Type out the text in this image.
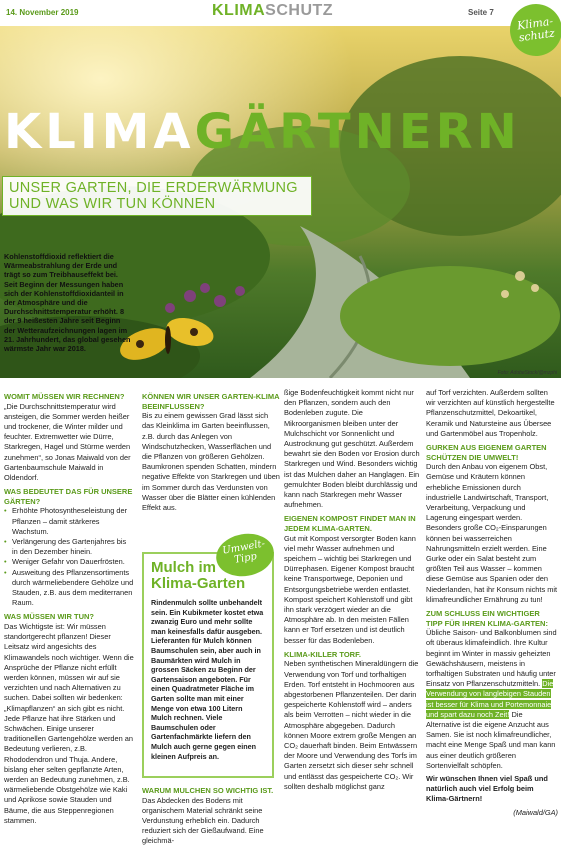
14. November 2019	KLIMASCHUTZ	Seite 7
KLIMAGÄRTNERN
UNSER GARTEN, DIE ERDERWÄRMUNG UND WAS WIR TUN KÖNNEN
Foto: AdobeStock/@mzphi
Klima-schutz
Kohlenstoffdioxid reflektiert die Wärmeabstrahlung der Erde und trägt so zum Treibhauseffekt bei. Seit Beginn der Messungen haben sich der Kohlenstoffdioxidanteil in der Atmosphäre und die Durchschnittstemperatur erhöht. 8 der 9 heißesten Jahre seit Beginn der Wetteraufzeichnungen lagen im 21. Jahrhundert, das global gesehen wärmste Jahr war 2018.
WOMIT MÜSSEN WIR RECHNEN?
„Die Durchschnittstemperatur wird ansteigen, die Sommer werden heißer und trockener, die Winter milder und feuchter. Extremwetter wie Dürre, Starkregen, Hagel und Stürme werden zunehmen“, so Jonas Maiwald von der Gartenbaumschule Maiwald in Oldendorf.
WAS BEDEUTET DAS FÜR UNSERE GÄRTEN?
• Erhöhte Photosyntheseleistung der Pflanzen – damit stärkeres Wachstum.
• Verlängerung des Gartenjahres bis in den Dezember hinein.
• Weniger Gefahr von Dauerfrösten.
• Ausweitung des Pflanzensortiments durch wärmeliebendere Gehölze und Stauden, z.B. aus dem mediterranen Raum.
WAS MÜSSEN WIR TUN?
Das Wichtigste ist: Wir müssen standortgerecht pflanzen! Dieser Leitsatz wird angesichts des Klimawandels noch wichtiger. Wenn die Ansprüche der Pflanze nicht erfüllt werden können, müssen wir auf sie verzichten und nach Alternativen zu suchen. Dabei sollten wir bedenken: „Klimapflanzen“ an sich gibt es nicht. Jede Pflanze hat ihre Stärken und Schwächen. Einige unserer traditionellen Gartengehölze werden an Bedeutung verlieren, z.B. Rhododendron und Thuja. Andere, bislang eher selten gepflanzte Arten, werden an Bedeutung zunehmen, z.B. wärmeliebende Obstgehölze wie Kaki und Aprikose sowie Stauden und Bäume, die aus Steppenregionen stammen.
KÖNNEN WIR UNSER GARTEN-KLIMA BEEINFLUSSEN?
Bis zu einem gewissen Grad lässt sich das Kleinklima im Garten beeinflussen, z.B. durch das Anlegen von Windschutzhecken, Wasserflächen und die Pflanzen von größeren Gehölzen. Baumkronen spenden Schatten, mindern negative Effekte von Starkregen und üben im Sommer durch das Verdunsten von Wasser über die Blätter einen kühlenden Effekt aus.
Mulch im Klima-Garten
Rindenmulch sollte unbehandelt sein. Ein Kubikmeter kostet etwa zwanzig Euro und mehr sollte man keinesfalls dafür ausgeben. Lieferanten für Mulch können Baumschulen sein, aber auch in Baumärkten wird Mulch in grossen Säcken zu Beginn der Gartensaison angeboten. Für einen Quadratmeter Fläche im Garten sollte man mit einer Menge von etwa 100 Litern Mulch rechnen. Viele Baumschulen oder Gartenfachmärkte liefern den Mulch auch gerne gegen einen kleinen Aufpreis an.
Umwelt-Tipp
WARUM MULCHEN SO WICHTIG IST.
Das Abdecken des Bodens mit organischem Material schränkt seine Verdunstung erheblich ein. Dadurch reduziert sich der Gießaufwand. Eine gleichmä-
ßige Bodenfeuchtigkeit kommt nicht nur den Pflanzen, sondern auch den Bodenleben zugute. Die Mikroorganismen bleiben unter der Mulchschicht vor Sonnenlicht und Austrocknung gut geschützt. Außerdem bewahrt sie den Boden vor Erosion durch Starkregen und Wind. Besonders wichtig ist das Mulchen daher an Hanglagen. Ein gemulchter Boden bleibt durchlässig und kann nach Starkregen mehr Wasser aufnehmen.
EIGENEN KOMPOST FINDET MAN IN JEDEM KLIMA-GARTEN.
Gut mit Kompost versorgter Boden kann viel mehr Wasser aufnehmen und speichern – wichtig bei Starkregen und Dürrephasen. Eigener Kompost braucht keine Transportwege, Deponien und Entsorgungsbetriebe werden entlastet. Kompost speichert Kohlenstoff und gibt ihn stark verzögert wieder an die Atmosphäre ab. In den meisten Fällen kann er Torf ersetzen und ist deutlich besser für das Bodenleben.
KLIMA-KILLER TORF.
Neben synthetischen Mineraldüngern die Verwendung von Torf und torfhaltigen Erden. Torf entsteht in Hochmooren aus abgestorbenen Pflanzenteilen. Der darin gespeicherte Kohlenstoff wird – anders als beim Verrotten – nicht wieder in die Atmosphäre abgegeben. Dadurch können Moore extrem große Mengen an CO₂ dauerhaft binden. Beim Entwässern der Moore und Verwendung des Torfs im Garten zersetzt sich dieser sehr schnell und entlässt das gespeicherte CO₂. Wir sollten deshalb möglichst ganz
auf Torf verzichten. Außerdem sollten wir verzichten auf künstlich hergestellte Pflanzenschutzmittel, Dekoartikel, Keramik und Natursteine aus Übersee und Gartenmöbel aus Tropenholz.
GURKEN AUS EIGENEM GARTEN SCHÜTZEN DIE UMWELT!
Durch den Anbau von eigenem Obst, Gemüse und Kräutern können erhebliche Emissionen durch industrielle Landwirtschaft, Transport, Verarbeitung, Verpackung und Lagerung eingespart werden. Besonders große CO₂-Einsparungen können bei wasserreichen Nahrungsmitteln erzielt werden. Eine Gurke oder ein Salat besteht zum größten Teil aus Wasser – kommen diese Gemüse aus Spanien oder den Niederlanden, hat ihr Konsum nichts mit klimafreundlicher Ernährung zu tun!
ZUM SCHLUSS EIN WICHTIGER TIPP FÜR IHREN KLIMA-GARTEN:
Übliche Saison- und Balkonblumen sind oft überaus klimafeindlich. Ihre Kultur beginnt im Winter in massiv geheizten Gewächshäusern, meistens in torfhaltigen Substraten und häufig unter Einsatz von Pflanzenschutzmitteln. Die Verwendung von langlebigen Stauden ist besser für Klima und Portemonnaie und spart dazu noch Zeit! Die Alternative ist die eigene Anzucht aus Samen. Sie ist noch klimafreundlicher, macht eine Menge Spaß und man kann aus einer deutlich größeren Sortenvielfalt schöpfen.
Wir wünschen Ihnen viel Spaß und natürlich auch viel Erfolg beim Klima-Gärtnern!
(Maiwald/GA)
